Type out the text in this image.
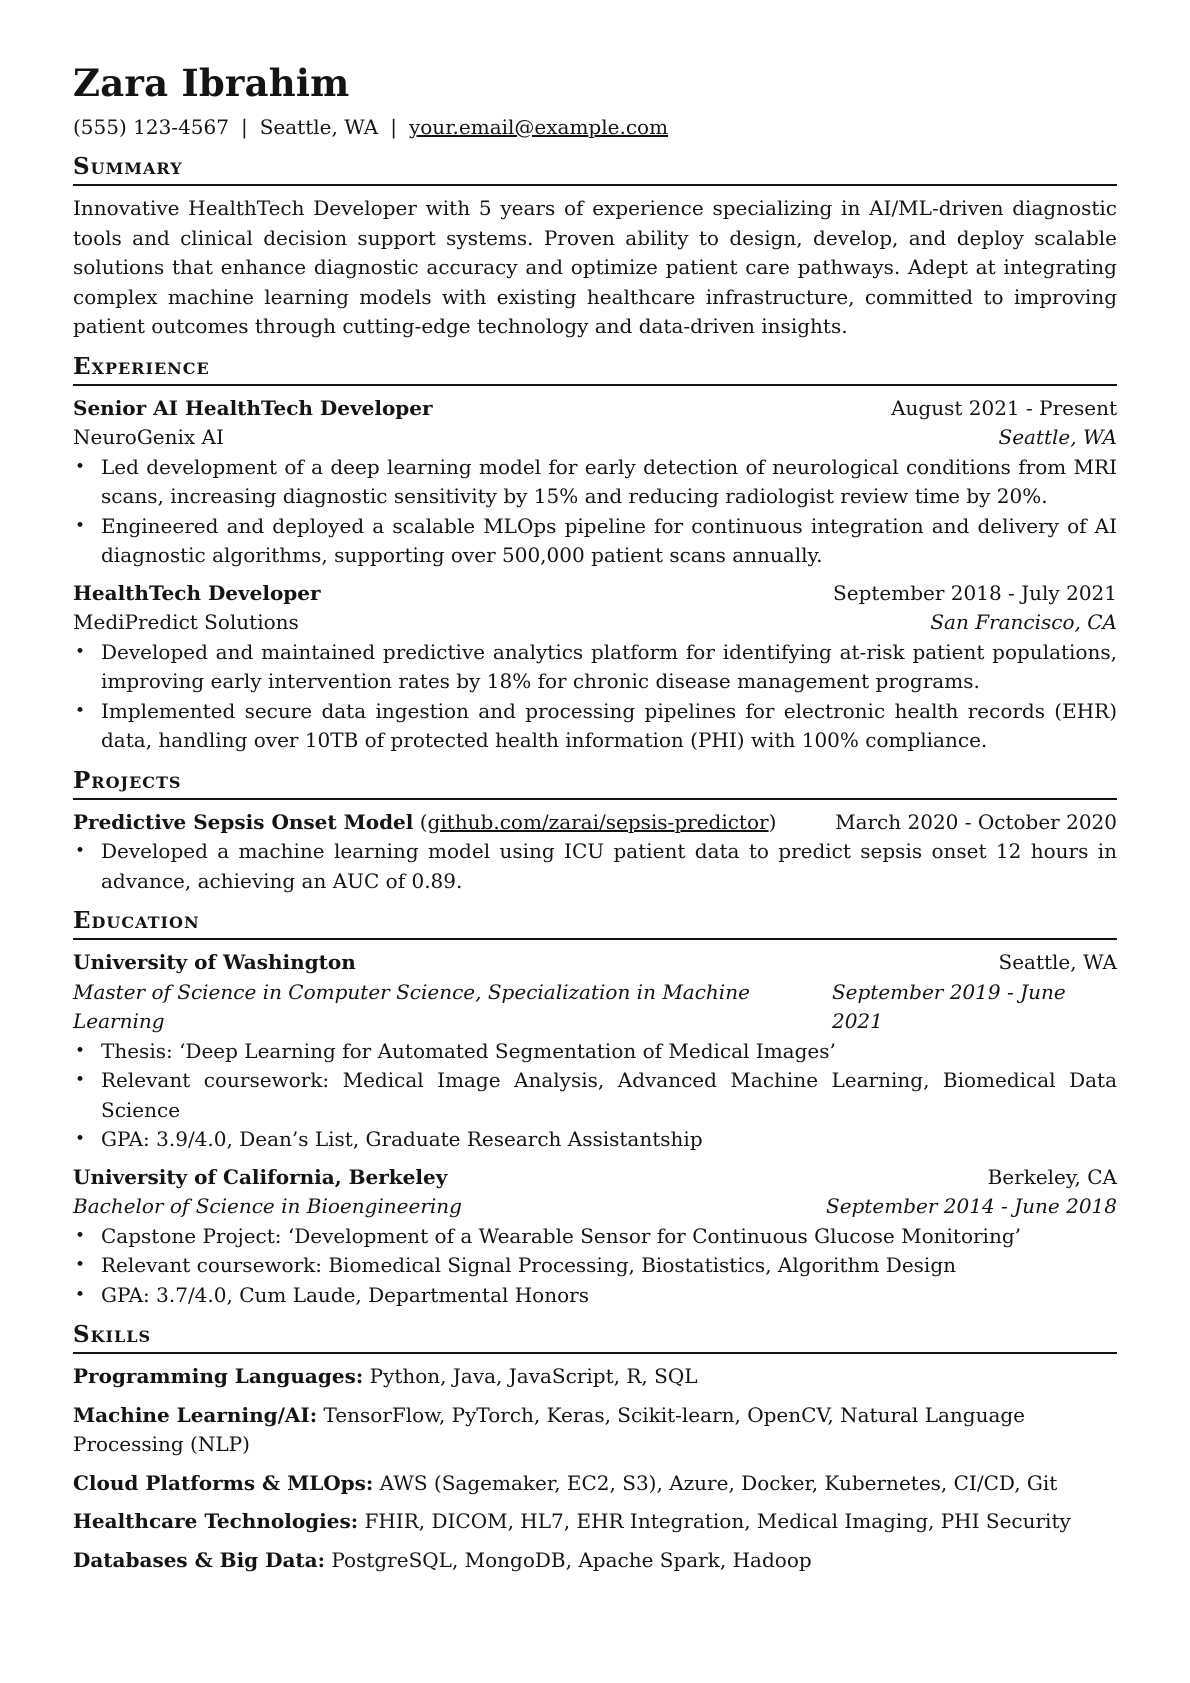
Zara Ibrahim
(555) 123-4567 | Seattle, WA | your.email@example.com
Summary

Innovative HealthTech Developer with 5 years of experience specializing in AI/ML-driven diagnostic tools and clinical decision support systems. Proven ability to design, develop, and deploy scalable solutions that enhance diagnostic accuracy and optimize patient care pathways. Adept at integrating complex machine learning models with existing healthcare infrastructure, committed to improving patient outcomes through cutting-edge technology and data-driven insights.

Experience
Senior AI HealthTech Developer	August 2021 - Present
NeuroGenix AI	Seattle, WA
• Led development of a deep learning model for early detection of neurological conditions from MRI scans, increasing diagnostic sensitivity by 15% and reducing radiologist review time by 20%.
• Engineered and deployed a scalable MLOps pipeline for continuous integration and delivery of AI diagnostic algorithms, supporting over 500,000 patient scans annually.
HealthTech Developer	September 2018 - July 2021
MediPredict Solutions	San Francisco, CA
• Developed and maintained predictive analytics platform for identifying at-risk patient populations, improving early intervention rates by 18% for chronic disease management programs.
• Implemented secure data ingestion and processing pipelines for electronic health records (EHR) data, handling over 10TB of protected health information (PHI) with 100% compliance.
Projects
Predictive Sepsis Onset Model (github.com/zarai/sepsis-predictor)	March 2020 - October 2020
• Developed a machine learning model using ICU patient data to predict sepsis onset 12 hours in advance, achieving an AUC of 0.89.
Education
University of Washington	Seattle, WA
Master of Science in Computer Science, Specialization in Machine Learning
September 2019 - June 2021
• Thesis: ‘Deep Learning for Automated Segmentation of Medical Images’
• Relevant coursework: Medical Image Analysis, Advanced Machine Learning, Biomedical Data Science
• GPA: 3.9/4.0, Dean’s List, Graduate Research Assistantship
University of California, Berkeley	Berkeley, CA
Bachelor of Science in Bioengineering	September 2014 - June 2018
• Capstone Project: ‘Development of a Wearable Sensor for Continuous Glucose Monitoring’
• Relevant coursework: Biomedical Signal Processing, Biostatistics, Algorithm Design
• GPA: 3.7/4.0, Cum Laude, Departmental Honors
Skills
Programming Languages: Python, Java, JavaScript, R, SQL
Machine Learning/AI: TensorFlow, PyTorch, Keras, Scikit-learn, OpenCV, Natural Language Processing (NLP)
Cloud Platforms & MLOps: AWS (Sagemaker, EC2, S3), Azure, Docker, Kubernetes, CI/CD, Git
Healthcare Technologies: FHIR, DICOM, HL7, EHR Integration, Medical Imaging, PHI Security
Databases & Big Data: PostgreSQL, MongoDB, Apache Spark, Hadoop
